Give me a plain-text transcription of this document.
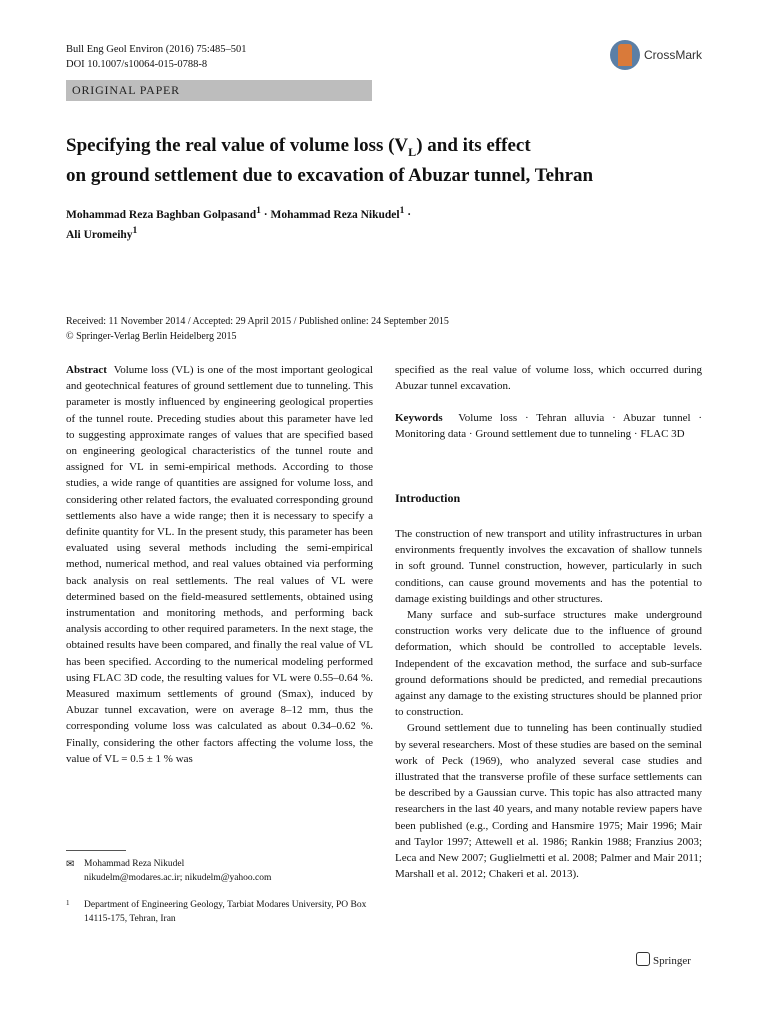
Bull Eng Geol Environ (2016) 75:485–501
DOI 10.1007/s10064-015-0788-8
CrossMark
ORIGINAL PAPER
Specifying the real value of volume loss $(V_L)$ and its effect
on ground settlement due to excavation of Abuzar tunnel, Tehran
Mohammad Reza Baghban Golpasand$^1$ · Mohammad Reza Nikudel$^1$ ·
Ali Uromeihy$^1$
Received: 11 November 2014 / Accepted: 29 April 2015 / Published online: 24 September 2015
© Springer-Verlag Berlin Heidelberg 2015

Abstract Volume loss (VL) is one of the most important geological and geotechnical features of ground settlement due to tunneling. This parameter is mostly influenced by engineering geological properties of the tunnel route. Preceding studies about this parameter have led to suggesting approximate ranges of values that are specified based on engineering geological characteristics of the tunnel route and assigned for VL in semi-empirical methods. According to those studies, a wide range of quantities are assigned for volume loss, and considering other related factors, the evaluated corresponding ground settlements also have a wide range; then it is necessary to specify a definite quantity for VL. In the present study, this parameter has been evaluated using several methods including the semi-empirical method, numerical method, and real values obtained via performing back analysis on real settlements. The real values of VL were determined based on the field-measured settlements, obtained using instrumentation and monitoring methods, and performing back analysis according to other required parameters. In the next stage, the obtained results have been compared, and finally the real value of VL has been specified. According to the numerical modeling performed using FLAC 3D code, the resulting values for VL were 0.55–0.64 %. Measured maximum settlements of ground (Smax), induced by Abuzar tunnel excavation, were on average 8–12 mm, thus the corresponding volume loss was calculated as about 0.34–0.62 %. Finally, considering the other factors affecting the volume loss, the value of VL = 0.5 ± 1 % was

specified as the real value of volume loss, which occurred during Abuzar tunnel excavation.

Keywords Volume loss · Tehran alluvia · Abuzar tunnel · Monitoring data · Ground settlement due to tunneling · FLAC 3D

Introduction

The construction of new transport and utility infrastructures in urban environments frequently involves the excavation of shallow tunnels in soft ground. Tunnel construction, however, particularly in such conditions, can cause ground movements and has the potential to damage existing buildings and other structures.

Many surface and sub-surface structures make underground construction works very delicate due to the influence of ground deformation, which should be controlled to acceptable levels. Independent of the excavation method, the surface and sub-surface ground deformations should be predicted, and remedial precautions against any damage to the existing structures should be planned prior to construction.

Ground settlement due to tunneling has been continually studied by several researchers. Most of these studies are based on the seminal work of Peck (1969), who analyzed several case studies and illustrated that the transverse profile of these surface settlements can be described by a Gaussian curve. This topic has also attracted many researchers in the last 40 years, and many notable review papers have been published (e.g., Cording and Hansmire 1975; Mair 1996; Mair and Taylor 1997; Attewell et al. 1986; Rankin 1988; Franzius 2003; Leca and New 2007; Guglielmetti et al. 2008; Palmer and Mair 2011; Marshall et al. 2012; Chakeri et al. 2013).

✉ Mohammad Reza Nikudel
nikudelm@modares.ac.ir; nikudelm@yahoo.com
1 Department of Engineering Geology, Tarbiat Modares University, PO Box 14115-175, Tehran, Iran
Springer
